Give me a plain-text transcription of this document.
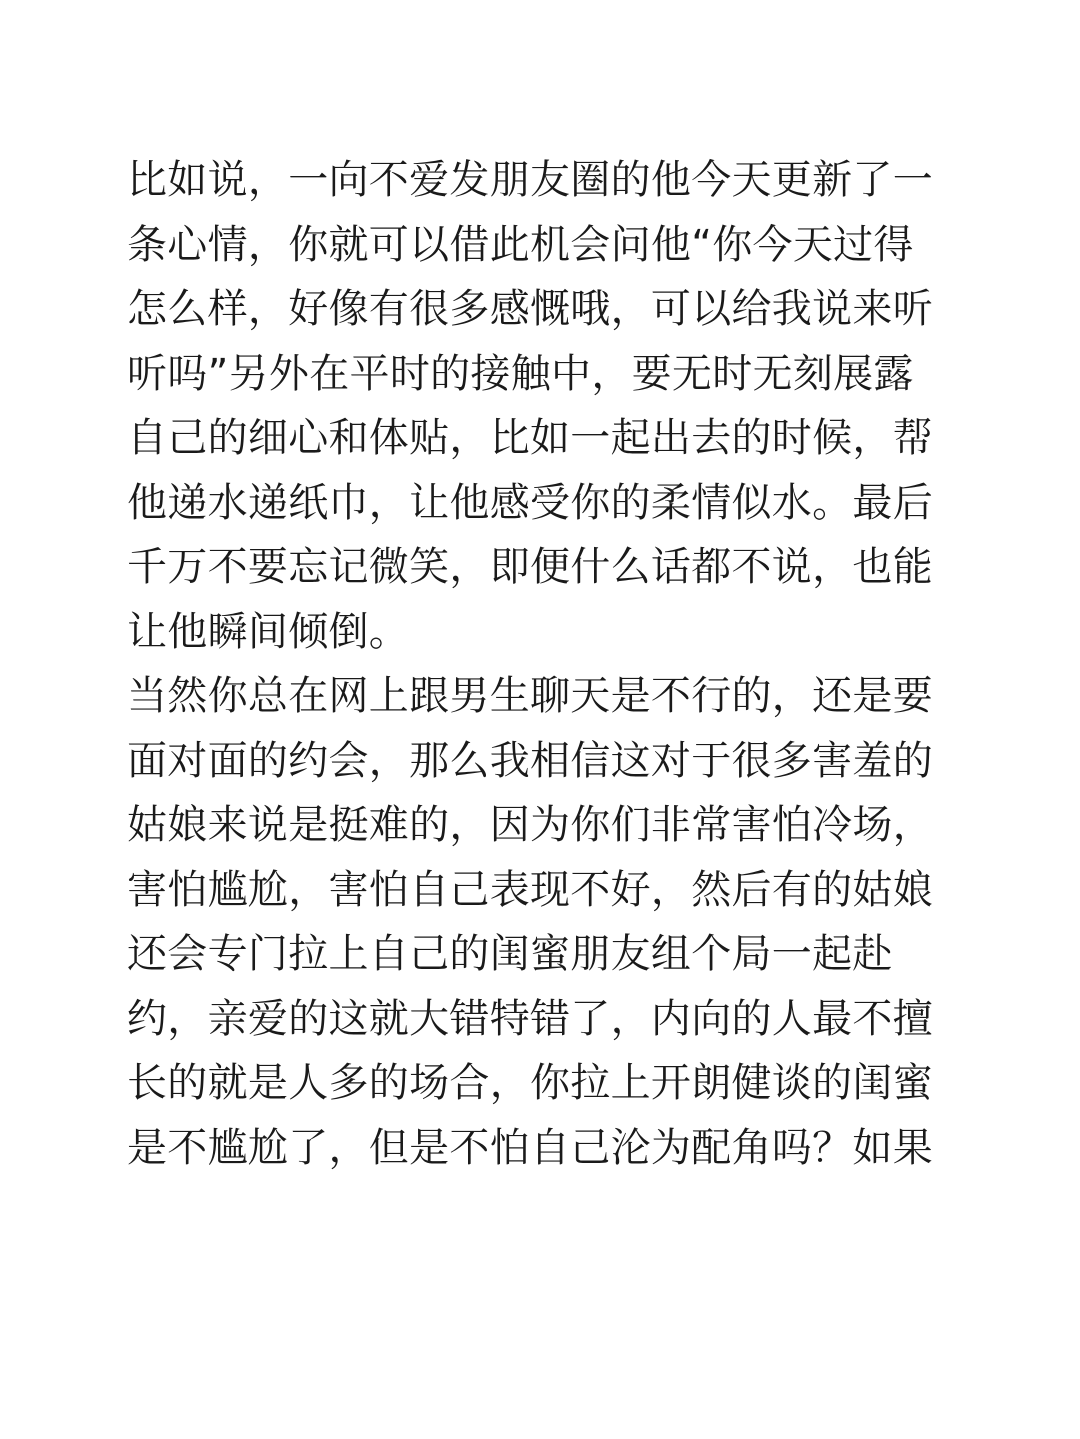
比如说，一向不爱发朋友圈的他今天更新了一
条心情，你就可以借此机会问他“你今天过得
怎么样，好像有很多感慨哦，可以给我说来听
听吗”另外在平时的接触中，要无时无刻展露
自己的细心和体贴，比如一起出去的时候，帮
他递水递纸巾，让他感受你的柔情似水。最后
千万不要忘记微笑，即便什么话都不说，也能
让他瞬间倾倒。
当然你总在网上跟男生聊天是不行的，还是要
面对面的约会，那么我相信这对于很多害羞的
姑娘来说是挺难的，因为你们非常害怕冷场，
害怕尴尬，害怕自己表现不好，然后有的姑娘
还会专门拉上自己的闺蜜朋友组个局一起赴
约，亲爱的这就大错特错了，内向的人最不擅
长的就是人多的场合，你拉上开朗健谈的闺蜜
是不尴尬了，但是不怕自己沦为配角吗？如果
